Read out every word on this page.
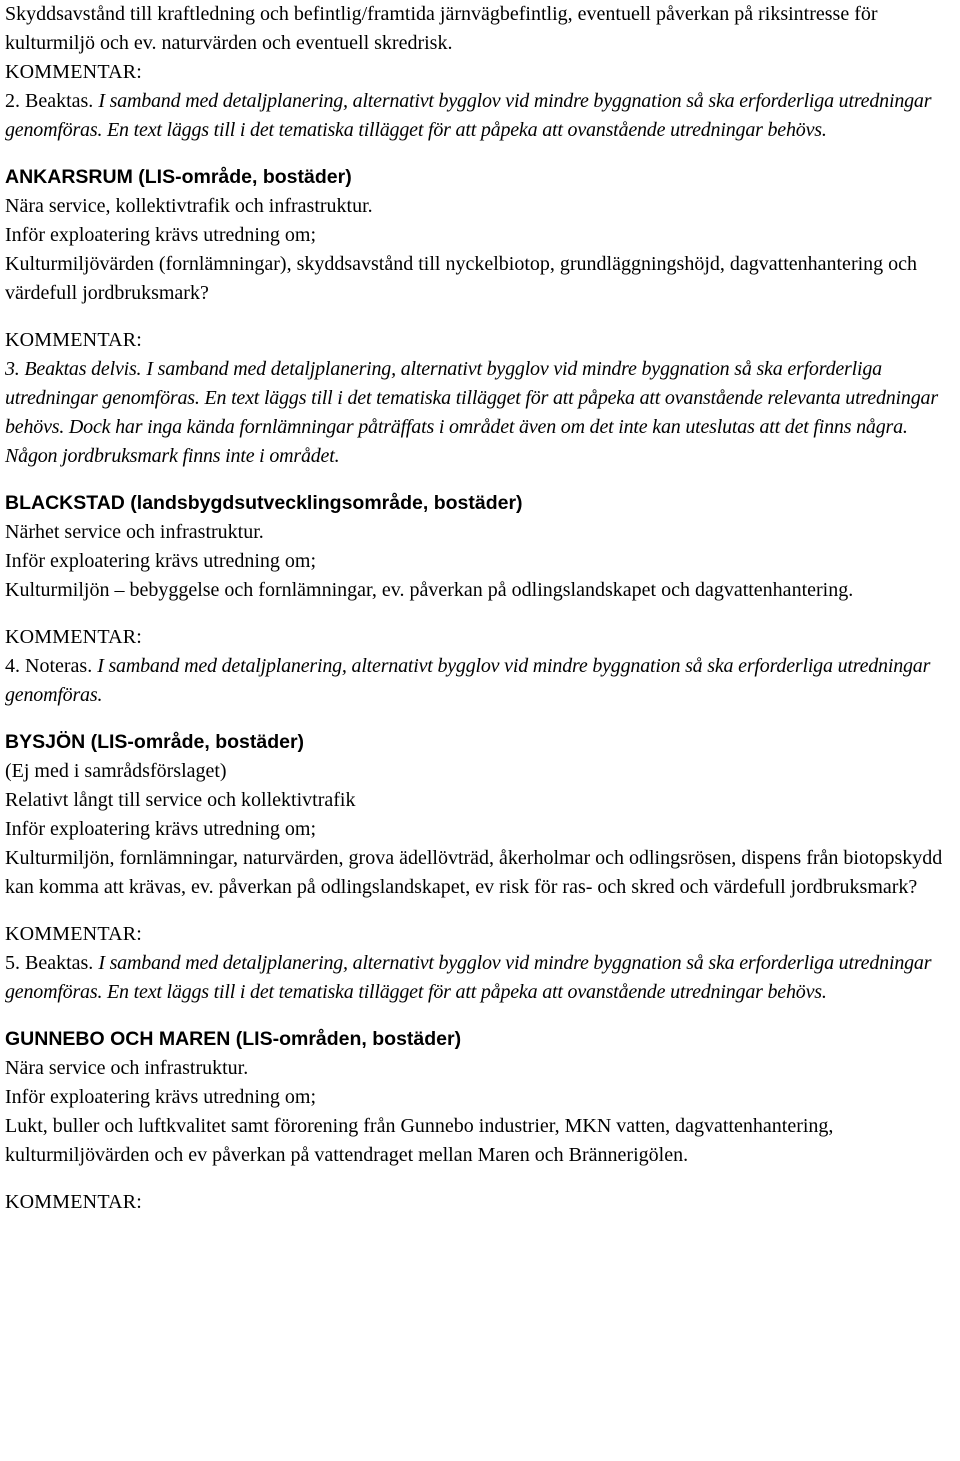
Skyddsavstånd till kraftledning och befintlig/framtida järnvägbefintlig, eventuell påverkan på riksintresse för kulturmiljö och ev. naturvärden och eventuell skredrisk.

KOMMENTAR:

2. Beaktas. I samband med detaljplanering, alternativt bygglov vid mindre byggnation så ska erforderliga utredningar genomföras. En text läggs till i det tematiska tillägget för att påpeka att ovanstående utredningar behövs.

ANKARSRUM (LIS-område, bostäder)

Nära service, kollektivtrafik och infrastruktur.

Inför exploatering krävs utredning om;

Kulturmiljövärden (fornlämningar), skyddsavstånd till nyckelbiotop, grundläggningshöjd, dagvattenhantering och värdefull jordbruksmark?

KOMMENTAR:

3. Beaktas delvis. I samband med detaljplanering, alternativt bygglov vid mindre byggnation så ska erforderliga utredningar genomföras. En text läggs till i det tematiska tillägget för att påpeka att ovanstående relevanta utredningar behövs. Dock har inga kända fornlämningar påträffats i området även om det inte kan uteslutas att det finns några. Någon jordbruksmark finns inte i området.

BLACKSTAD (landsbygdsutvecklingsområde, bostäder)

Närhet service och infrastruktur.

Inför exploatering krävs utredning om;

Kulturmiljön – bebyggelse och fornlämningar, ev. påverkan på odlingslandskapet och dagvattenhantering.

KOMMENTAR:

4. Noteras. I samband med detaljplanering, alternativt bygglov vid mindre byggnation så ska erforderliga utredningar genomföras.

BYSJÖN (LIS-område, bostäder)

(Ej med i samrådsförslaget)

Relativt långt till service och kollektivtrafik

Inför exploatering krävs utredning om;

Kulturmiljön, fornlämningar, naturvärden, grova ädellövträd, åkerholmar och odlingsrösen, dispens från biotopskydd kan komma att krävas, ev. påverkan på odlingslandskapet, ev risk för ras- och skred och värdefull jordbruksmark?

KOMMENTAR:

5. Beaktas. I samband med detaljplanering, alternativt bygglov vid mindre byggnation så ska erforderliga utredningar genomföras. En text läggs till i det tematiska tillägget för att påpeka att ovanstående utredningar behövs.

GUNNEBO OCH MAREN (LIS-områden, bostäder)

Nära service och infrastruktur.

Inför exploatering krävs utredning om;

Lukt, buller och luftkvalitet samt förorening från Gunnebo industrier, MKN vatten, dagvattenhantering, kulturmiljövärden och ev påverkan på vattendraget mellan Maren och Brännerigölen.

KOMMENTAR:
